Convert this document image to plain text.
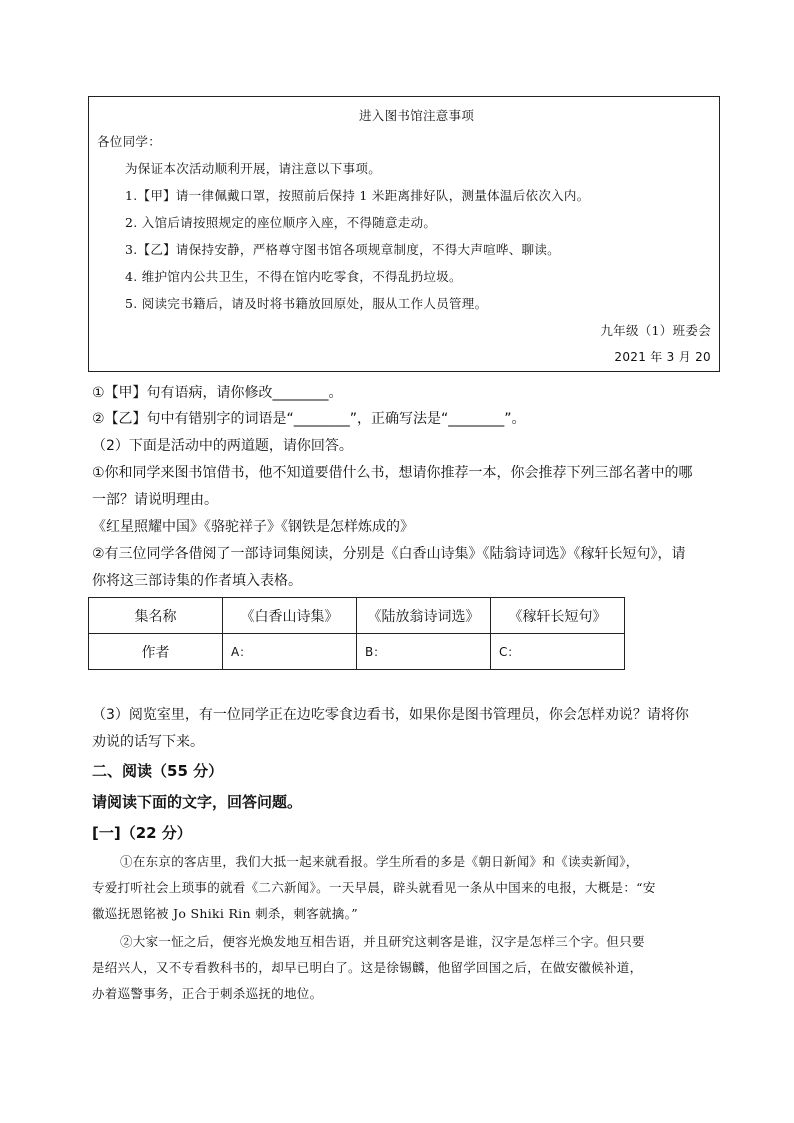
进入图书馆注意事项
各位同学：
为保证本次活动顺利开展，请注意以下事项。
1.【甲】请一律佩戴口罩，按照前后保持 1 米距离排好队，测量体温后依次入内。
2. 入馆后请按照规定的座位顺序入座，不得随意走动。
3.【乙】请保持安静，严格尊守图书馆各项规章制度，不得大声喧哗、聊读。
4. 维护馆内公共卫生，不得在馆内吃零食，不得乱扔垃圾。
5. 阅读完书籍后，请及时将书籍放回原处，服从工作人员管理。
九年级（1）班委会
2021 年 3 月 20
①【甲】句有语病，请你修改________。
②【乙】句中有错别字的词语是“________”，正确写法是“________”。
（2）下面是活动中的两道题，请你回答。
①你和同学来图书馆借书，他不知道要借什么书，想请你推荐一本，你会推荐下列三部名著中的哪
一部？请说明理由。
《红星照耀中国》《骆驼祥子》《钢铁是怎样炼成的》
②有三位同学各借阅了一部诗词集阅读，分别是《白香山诗集》《陆翁诗词选》《稼轩长短句》，请
你将这三部诗集的作者填入表格。
集名称	《白香山诗集》	《陆放翁诗词选》	《稼轩长短句》
作者	A：	B：	C：
（3）阅览室里，有一位同学正在边吃零食边看书，如果你是图书管理员，你会怎样劝说？请将你
劝说的话写下来。
二、阅读（55 分）
请阅读下面的文字，回答问题。
[一]（22 分）
①在东京的客店里，我们大抵一起来就看报。学生所看的多是《朝日新闻》和《读卖新闻》，
专爱打听社会上琐事的就看《二六新闻》。一天早晨，辟头就看见一条从中国来的电报，大概是：“安
徽巡抚恩铭被 Jo Shiki Rin 刺杀，刺客就擒。”
②大家一怔之后，便容光焕发地互相告语，并且研究这刺客是谁，汉字是怎样三个字。但只要
是绍兴人，又不专看教科书的，却早已明白了。这是徐锡麟，他留学回国之后，在做安徽候补道，
办着巡警事务，正合于刺杀巡抚的地位。
